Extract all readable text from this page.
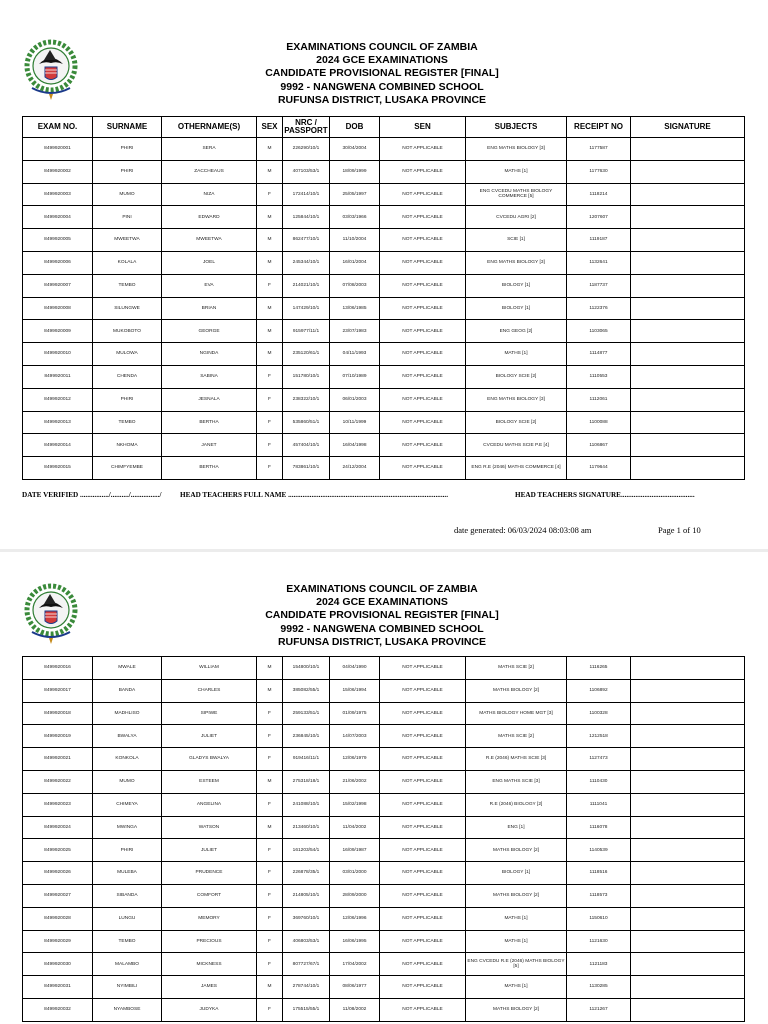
EXAMINATIONS COUNCIL OF ZAMBIA
2024 GCE EXAMINATIONS
CANDIDATE PROVISIONAL REGISTER [FINAL]
9992 - NANGWENA COMBINED SCHOOL
RUFUNSA DISTRICT, LUSAKA PROVINCE
EXAM NO.	SURNAME	OTHERNAME(S)	SEX	NRC / PASSPORT	DOB	SEN	SUBJECTS	RECEIPT NO	SIGNATURE
8499920001	PHIRI	SERA	M	226290/10/1	30/04/2004	NOT APPLICABLE	ENG MATHS BIOLOGY [3]	1177587	
8499920002	PHIRI	ZACCHEAUS	M	407103/53/1	18/09/1999	NOT APPLICABLE	MATHS [1]	1177630	
8499920003	MUMO	NIZA	F	172414/10/1	25/05/1997	NOT APPLICABLE	ENG CVCEDU MATHS BIOLOGY COMMERCE [5]	1118214	
8499920004	PINI	EDWARD	M	125844/10/1	03/03/1966	NOT APPLICABLE	CVCEDU AGRI [2]	1207607	
8499920005	MWEETWA	MWEETWA	M	862477/10/1	11/10/2004	NOT APPLICABLE	SCIE [1]	1119187	
8499920006	KOLALA	JOEL	M	245344/10/1	16/01/2004	NOT APPLICABLE	ENG MATHS BIOLOGY [3]	1132641	
8499920007	TEMBO	EVA	F	214021/10/1	07/08/2003	NOT APPLICABLE	BIOLOGY [1]	1187737	
8499920008	SILUNGWE	BRIAN	M	147429/10/1	13/06/1985	NOT APPLICABLE	BIOLOGY [1]	1122376	
8499920009	MUKOBOTO	GEORGE	M	915977/11/1	23/07/1983	NOT APPLICABLE	ENG GEOG [2]	1103065	
8499920010	MULOWA	NGINDA	M	235120/61/1	04/11/1993	NOT APPLICABLE	MATHS [1]	1114877	
8499920011	CHENDA	SABINA	F	151780/10/1	07/10/1989	NOT APPLICABLE	BIOLOGY SCIE [2]	1110553	
8499920012	PHIRI	JESNALA	F	238322/10/1	06/01/2003	NOT APPLICABLE	ENG MATHS BIOLOGY [3]	1112061	
8499920013	TEMBO	BERTHA	F	535860/51/1	10/11/1999	NOT APPLICABLE	BIOLOGY SCIE [2]	1100088	
8499920014	NKHOMA	JANET	F	457404/10/1	16/04/1998	NOT APPLICABLE	CVCEDU MATHS SCIE P.E [4]	1106867	
8499920015	CHIMFYEMBE	BERTHA	F	783861/10/1	24/12/2004	NOT APPLICABLE	ENG R.E (2046) MATHS COMMERCE [4]	1179644	
DATE VERIFIED ................/........../................/	HEAD TEACHERS FULL NAME .........................................................................................	HEAD TEACHERS SIGNATURE.........................................
date generated: 06/03/2024 08:03:08 am	Page 1 of 10
EXAMINATIONS COUNCIL OF ZAMBIA
2024 GCE EXAMINATIONS
CANDIDATE PROVISIONAL REGISTER [FINAL]
9992 - NANGWENA COMBINED SCHOOL
RUFUNSA DISTRICT, LUSAKA PROVINCE
8499920016	MWALE	WILLIAM	M	154800/10/1	04/04/1990	NOT APPLICABLE	MATHS SCIE [2]	1116265	
8499920017	BANDA	CHARLES	M	385082/55/1	15/06/1994	NOT APPLICABLE	MATHS BIOLOGY [2]	1106892	
8499920018	MADHLISO	SIPIWE	F	259133/51/1	01/09/1975	NOT APPLICABLE	MATHS BIOLOGY HOME MGT [3]	1100328	
8499920019	BWALYA	JULIET	F	236845/10/1	14/07/2003	NOT APPLICABLE	MATHS SCIE [2]	1212518	
8499920021	KONKOLA	GLADYS BWALYA	F	919416/11/1	12/06/1979	NOT APPLICABLE	R.E (2046) MATHS SCIE [3]	1127473	
8499920022	MUMO	ESTEEM	M	275318/18/1	21/06/2002	NOT APPLICABLE	ENG MATHS SCIE [3]	1110430	
8499920023	CHIMEYA	ANGELINA	F	241088/10/1	15/02/1998	NOT APPLICABLE	R.E (2046) BIOLOGY [2]	1111041	
8499920024	MWINGA	WATSON	M	213460/10/1	11/04/2002	NOT APPLICABLE	ENG [1]	1116078	
8499920025	PHIRI	JULIET	F	161203/54/1	16/09/1987	NOT APPLICABLE	MATHS BIOLOGY [2]	1140539	
8499920026	MULEBA	PRUDENCE	F	226878/35/1	03/01/2000	NOT APPLICABLE	BIOLOGY [1]	1118516	
8499920027	SIBANDA	COMFORT	F	214805/10/1	28/09/2000	NOT APPLICABLE	MATHS BIOLOGY [2]	1118573	
8499920028	LUNGU	MEMORY	F	369760/10/1	12/06/1996	NOT APPLICABLE	MATHS [1]	1150610	
8499920029	TEMBO	PRECIOUS	F	406803/53/1	16/06/1995	NOT APPLICABLE	MATHS [1]	1121630	
8499920030	MALAMBO	MICKNESS	F	807727/67/1	17/04/2002	NOT APPLICABLE	ENG CVCEDU R.E (2046) MATHS BIOLOGY [5]	1121183	
8499920031	NYIMBILI	JAMES	M	278744/10/1	08/06/1977	NOT APPLICABLE	MATHS [1]	1130285	
8499920032	NYAMBOSE	JUDYKA	F	175515/55/1	11/08/2002	NOT APPLICABLE	MATHS BIOLOGY [2]	1121267	
